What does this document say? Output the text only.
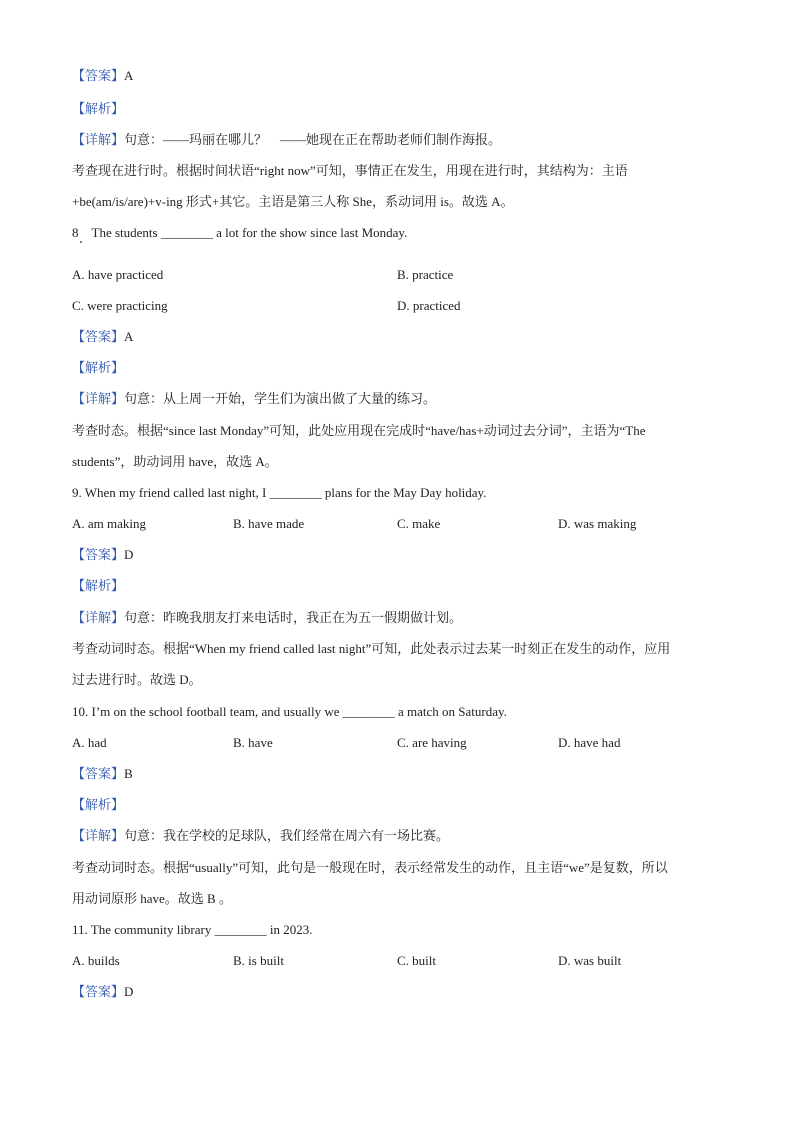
【答案】A
【解析】
【详解】句意：——玛丽在哪儿？　——她现在正在帮助老师们制作海报。
考查现在进行时。根据时间状语“right now”可知，事情正在发生，用现在进行时，其结构为：主语
+be(am/is/are)+v-ing 形式+其它。主语是第三人称 She，系动词用 is。故选 A。
8　The students ________ a lot for the show since last Monday.
A. have practiced	B. practice
C. were practicing	D. practiced
【答案】A
【解析】
【详解】句意：从上周一开始，学生们为演出做了大量的练习。
考查时态。根据“since last Monday”可知，此处应用现在完成时“have/has+动词过去分词”，主语为“The
students”，助动词用 have，故选 A。
9. When my friend called last night, I ________ plans for the May Day holiday.
A. am making	B. have made	C. make	D. was making
【答案】D
【解析】
【详解】句意：昨晚我朋友打来电话时，我正在为五一假期做计划。
考查动词时态。根据“When my friend called last night”可知，此处表示过去某一时刻正在发生的动作，应用
过去进行时。故选 D。
10. I’m on the school football team, and usually we ________ a match on Saturday.
A. had	B. have	C. are having	D. have had
【答案】B
【解析】
【详解】句意：我在学校的足球队，我们经常在周六有一场比赛。
考查动词时态。根据“usually”可知，此句是一般现在时，表示经常发生的动作，且主语“we”是复数，所以
用动词原形 have。故选 B 。
11. The community library ________ in 2023.
A. builds	B. is built	C. built	D. was built
【答案】D
